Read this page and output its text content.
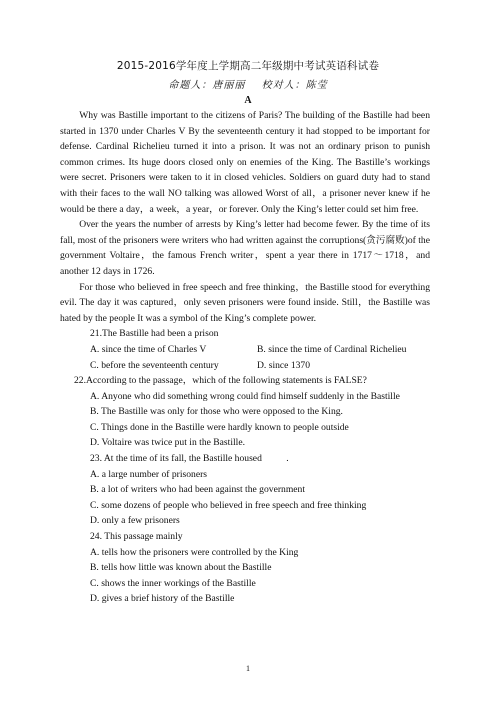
2015-2016学年度上学期高二年级期中考试英语科试卷
命题人：唐丽丽 校对人：陈莹
A

Why was Bastille important to the citizens of Paris? The building of the Bastille had been started in 1370 under Charles V By the seventeenth century it had stopped to be important for defense. Cardinal Richelieu turned it into a prison. It was not an ordinary prison to punish common crimes. Its huge doors closed only on enemies of the King. The Bastille’s workings were secret. Prisoners were taken to it in closed vehicles. Soldiers on guard duty had to stand with their faces to the wall NO talking was allowed Worst of all，a prisoner never knew if he would be there a day，a week，a year，or forever. Only the King’s letter could set him free.

Over the years the number of arrests by King’s letter had become fewer. By the time of its fall, most of the prisoners were writers who had written against the corruptions(贪污腐败)of the government Voltaire，the famous French writer，spent a year there in 1717～1718，and another 12 days in 1726.

For those who believed in free speech and free thinking，the Bastille stood for everything evil. The day it was captured，only seven prisoners were found inside. Still，the Bastille was hated by the people It was a symbol of the King’s complete power.

21.The Bastille had been a prison

A. since the time of Charles V	B. since the time of Cardinal Richelieu
C. before the seventeenth century	D. since 1370

22.According to the passage，which of the following statements is FALSE?

A. Anyone who did something wrong could find himself suddenly in the Bastille

B. The Bastille was only for those who were opposed to the King.

C. Things done in the Bastille were hardly known to people outside

D. Voltaire was twice put in the Bastille.

23. At the time of its fall, the Bastille housed	.

A. a large number of prisoners

B. a lot of writers who had been against the government

C. some dozens of people who believed in free speech and free thinking

D. only a few prisoners

24. This passage mainly

A. tells how the prisoners were controlled by the King

B. tells how little was known about the Bastille

C. shows the inner workings of the Bastille

D. gives a brief history of the Bastille

1
